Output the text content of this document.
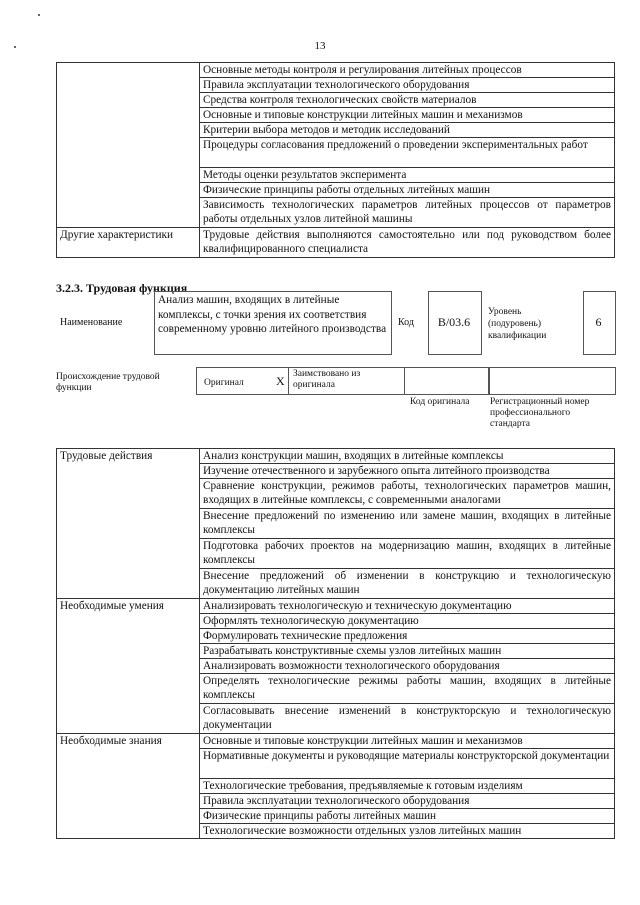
13
	Основные методы контроля и регулирования литейных процессов
	Правила эксплуатации технологического оборудования
	Средства контроля технологических свойств материалов
	Основные и типовые конструкции литейных машин и механизмов
	Критерии выбора методов и методик исследований
	Процедуры согласования предложений о проведении экспериментальных работ
	Методы оценки результатов эксперимента
	Физические принципы работы отдельных литейных машин
	Зависимость технологических параметров литейных процессов от параметров работы отдельных узлов литейной машины
Другие характеристики	Трудовые действия выполняются самостоятельно или под руководством более квалифицированного специалиста
3.2.3. Трудовая функция
Наименование
Анализ машин, входящих в литейные комплексы, с точки зрения их соответствия современному уровню литейного производства
Код	B/03.6
Уровень (подуровень) квалификации
6
Происхождение трудовой функции	Оригинал	X Заимствовано из оригинала
Код оригинала Регистрационный номер профессионального стандарта
Трудовые действия	Анализ конструкции машин, входящих в литейные комплексы
	Изучение отечественного и зарубежного опыта литейного производства
	Сравнение конструкции, режимов работы, технологических параметров машин, входящих в литейные комплексы, с современными аналогами
	Внесение предложений по изменению или замене машин, входящих в литейные комплексы
	Подготовка рабочих проектов на модернизацию машин, входящих в литейные комплексы
	Внесение предложений об изменении в конструкцию и технологическую документацию литейных машин
Необходимые умения	Анализировать технологическую и техническую документацию
	Оформлять технологическую документацию
	Формулировать технические предложения
	Разрабатывать конструктивные схемы узлов литейных машин
	Анализировать возможности технологического оборудования
	Определять технологические режимы работы машин, входящих в литейные комплексы
	Согласовывать внесение изменений в конструкторскую и технологическую документации
Необходимые знания	Основные и типовые конструкции литейных машин и механизмов
	Нормативные документы и руководящие материалы конструкторской документации
	Технологические требования, предъявляемые к готовым изделиям
	Правила эксплуатации технологического оборудования
	Физические принципы работы литейных машин
	Технологические возможности отдельных узлов литейных машин
